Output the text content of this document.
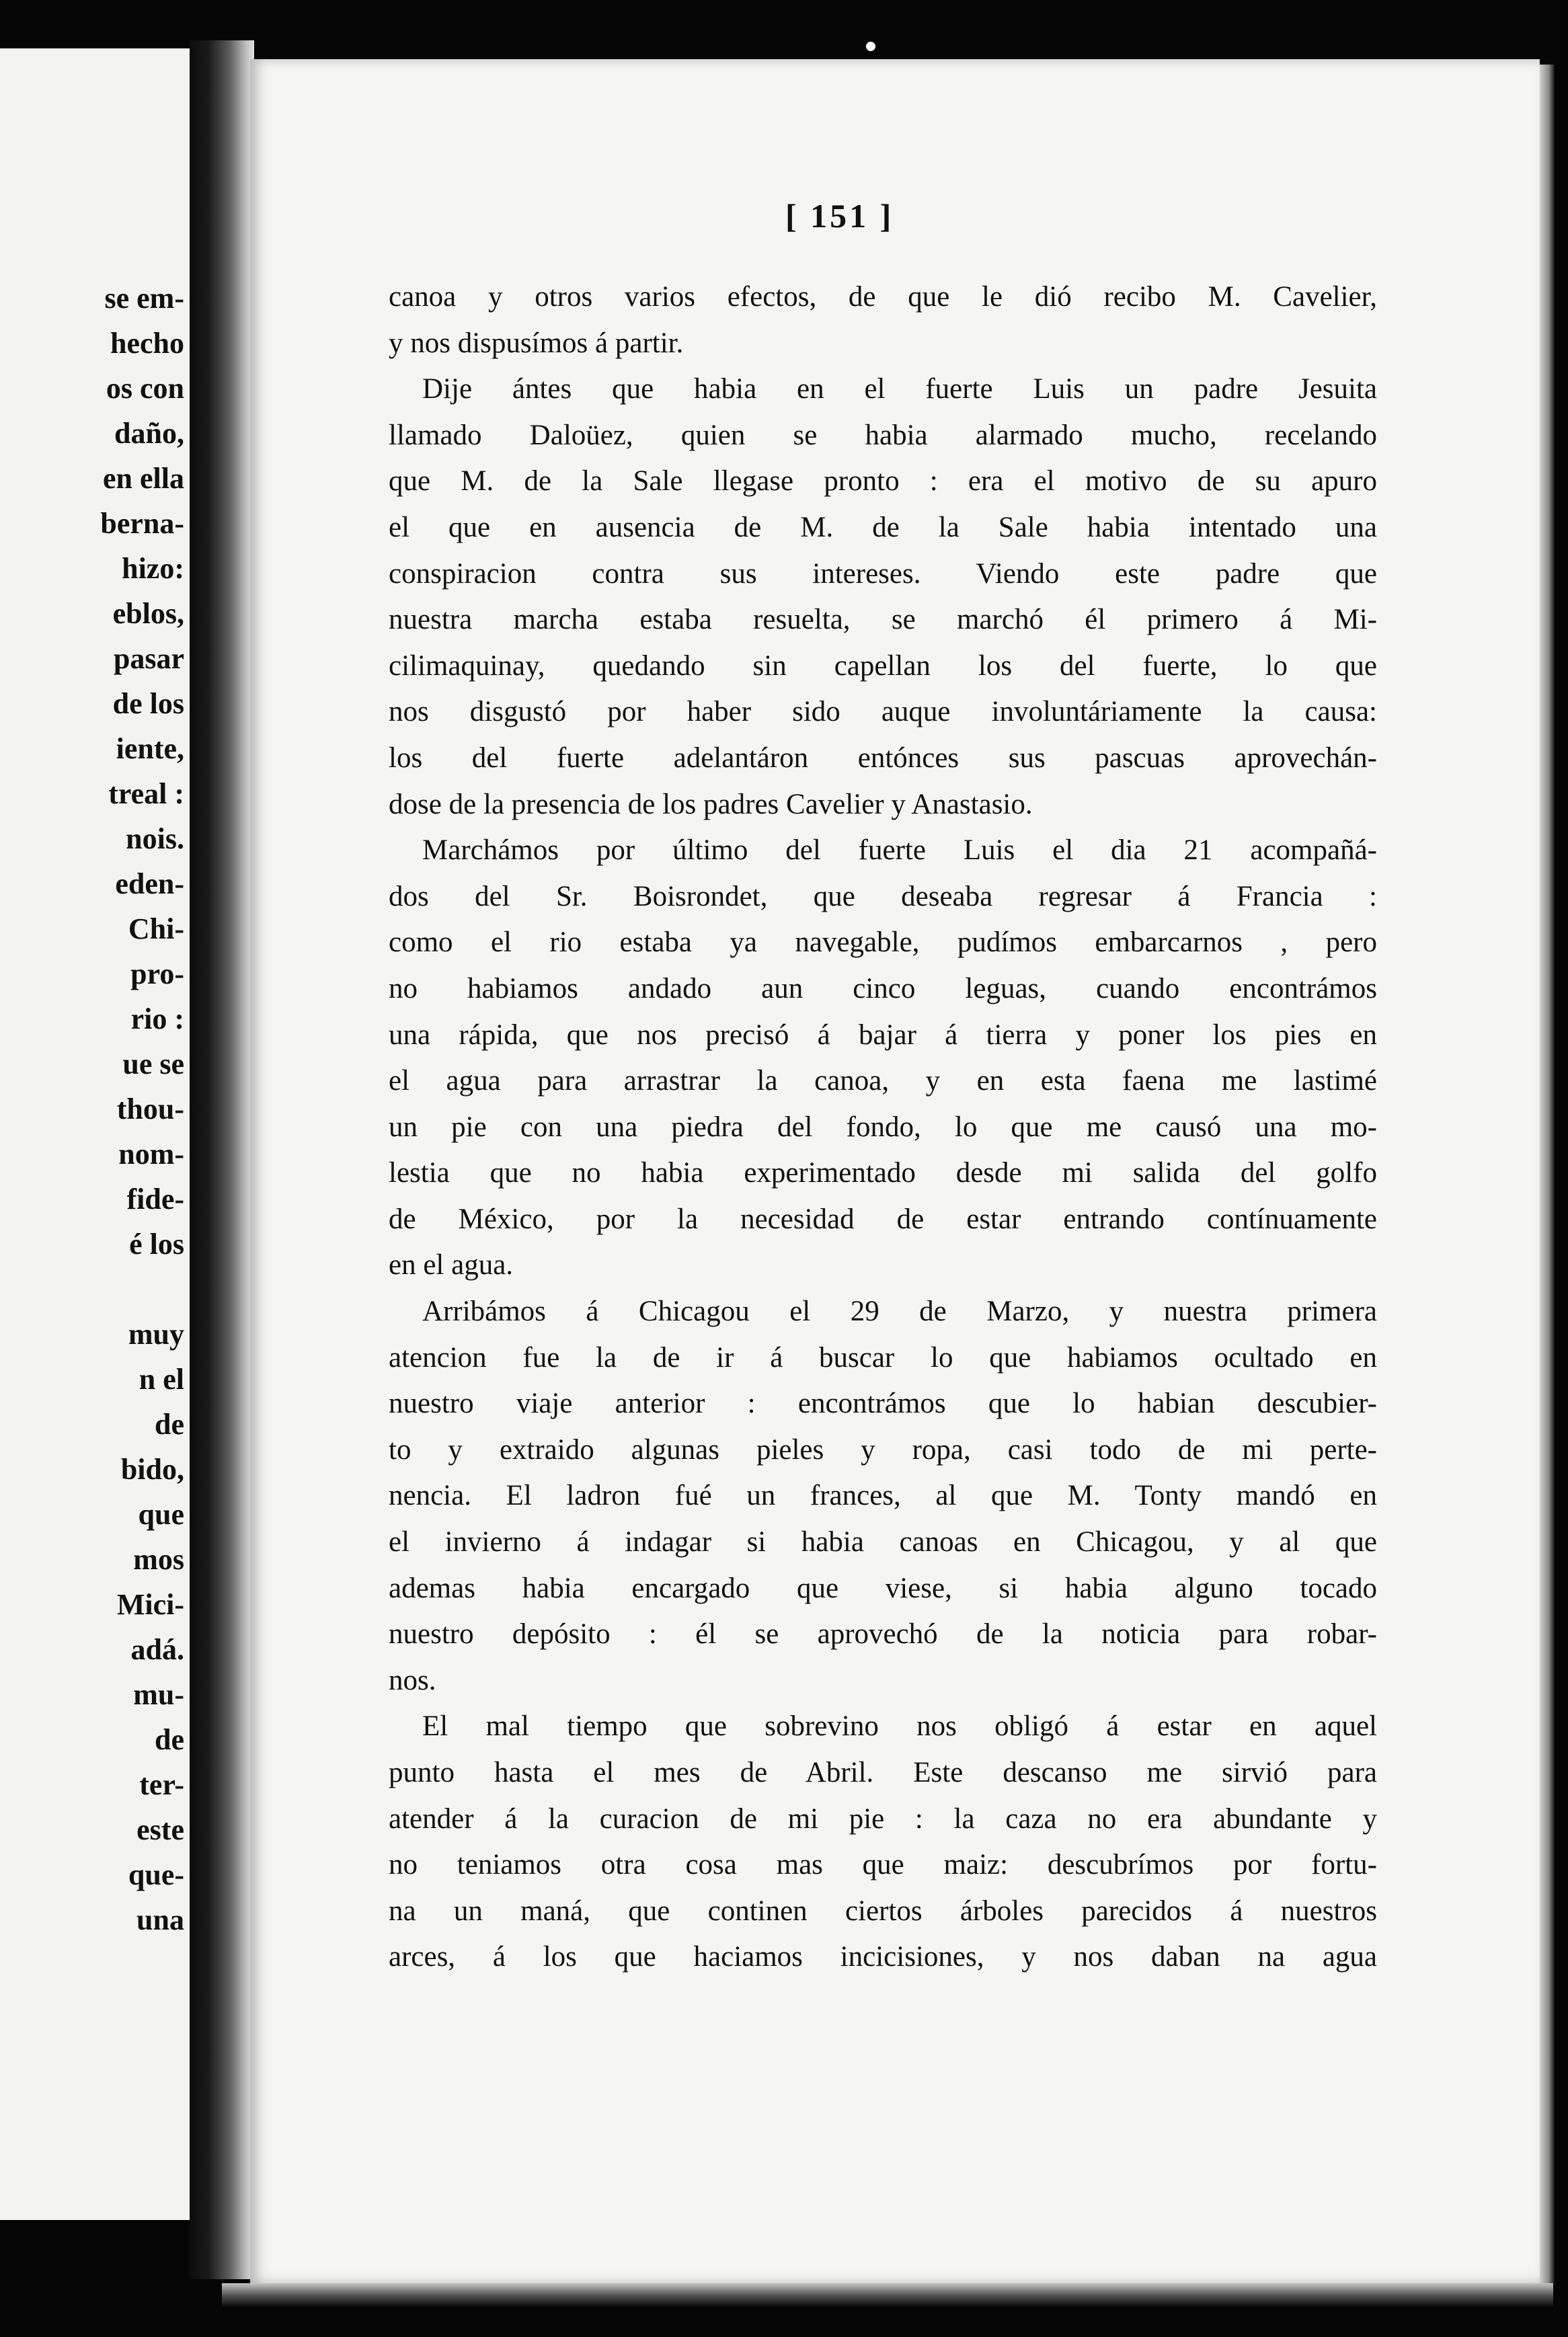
se em-
hecho
os con
daño,
en ella
berna-
hizo:
eblos,
pasar
de los
iente,
treal :
nois.
eden-
Chi-
pro-
rio :
ue se
thou-
nom-
fide-
é los

muy
n el
de
bido,
que
mos
Mici-
adá.
mu-
de
ter-
este
que-
una
[ 151 ]
canoa y otros varios efectos, de que le dió recibo M. Cavelier,
y nos dispusímos á partir.
Dije ántes que habia en el fuerte Luis un padre Jesuita
llamado Daloüez, quien se habia alarmado mucho, recelando
que M. de la Sale llegase pronto : era el motivo de su apuro
el que en ausencia de M. de la Sale habia intentado una
conspiracion contra sus intereses. Viendo este padre que
nuestra marcha estaba resuelta, se marchó él primero á Mi-
cilimaquinay, quedando sin capellan los del fuerte, lo que
nos disgustó por haber sido auque involuntáriamente la causa:
los del fuerte adelantáron entónces sus pascuas aprovechán-
dose de la presencia de los padres Cavelier y Anastasio.
Marchámos por último del fuerte Luis el dia 21 acompañá-
dos del Sr. Boisrondet, que deseaba regresar á Francia :
como el rio estaba ya navegable, pudímos embarcarnos , pero
no habiamos andado aun cinco leguas, cuando encontrámos
una rápida, que nos precisó á bajar á tierra y poner los pies en
el agua para arrastrar la canoa, y en esta faena me lastimé
un pie con una piedra del fondo, lo que me causó una mo-
lestia que no habia experimentado desde mi salida del golfo
de México, por la necesidad de estar entrando contínuamente
en el agua.
Arribámos á Chicagou el 29 de Marzo, y nuestra primera
atencion fue la de ir á buscar lo que habiamos ocultado en
nuestro viaje anterior : encontrámos que lo habian descubier-
to y extraido algunas pieles y ropa, casi todo de mi perte-
nencia. El ladron fué un frances, al que M. Tonty mandó en
el invierno á indagar si habia canoas en Chicagou, y al que
ademas habia encargado que viese, si habia alguno tocado
nuestro depósito : él se aprovechó de la noticia para robar-
nos.
El mal tiempo que sobrevino nos obligó á estar en aquel
punto hasta el mes de Abril. Este descanso me sirvió para
atender á la curacion de mi pie : la caza no era abundante y
no teniamos otra cosa mas que maiz: descubrímos por fortu-
na un maná, que continen ciertos árboles parecidos á nuestros
arces, á los que haciamos incicisiones, y nos daban na agua
